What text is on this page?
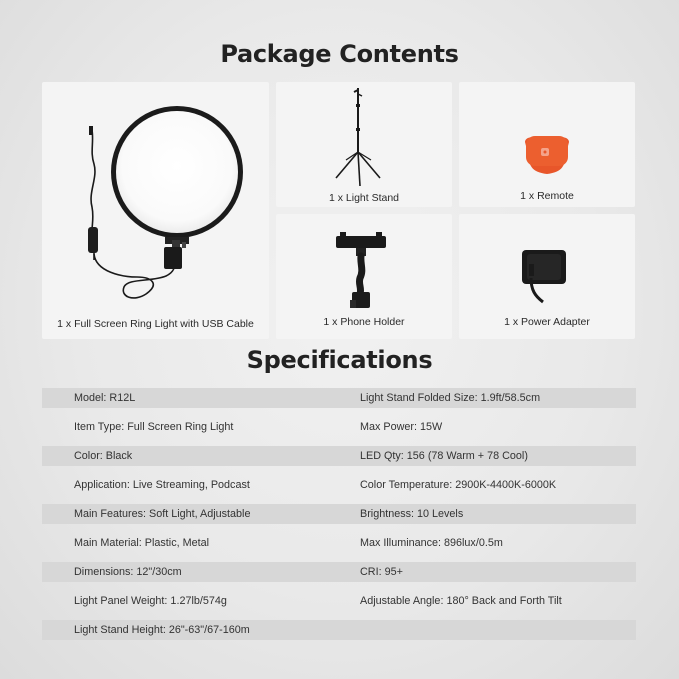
Package Contents
1 x Full Screen Ring Light with USB Cable
1 x Light Stand	1 x Remote
1 x Phone Holder	1 x Power Adapter
Specifications
Model: R12L	Light Stand Folded Size: 1.9ft/58.5cm
Item Type: Full Screen Ring Light	Max Power: 15W
Color: Black	LED Qty: 156 (78 Warm + 78 Cool)
Application: Live Streaming, Podcast	Color Temperature: 2900K-4400K-6000K
Main Features: Soft Light, Adjustable	Brightness: 10 Levels
Main Material: Plastic, Metal	Max Illuminance: 896lux/0.5m
Dimensions: 12"/30cm	CRI: 95+
Light Panel Weight: 1.27lb/574g	Adjustable Angle: 180° Back and Forth Tilt
Light Stand Height: 26"-63"/67-160m
